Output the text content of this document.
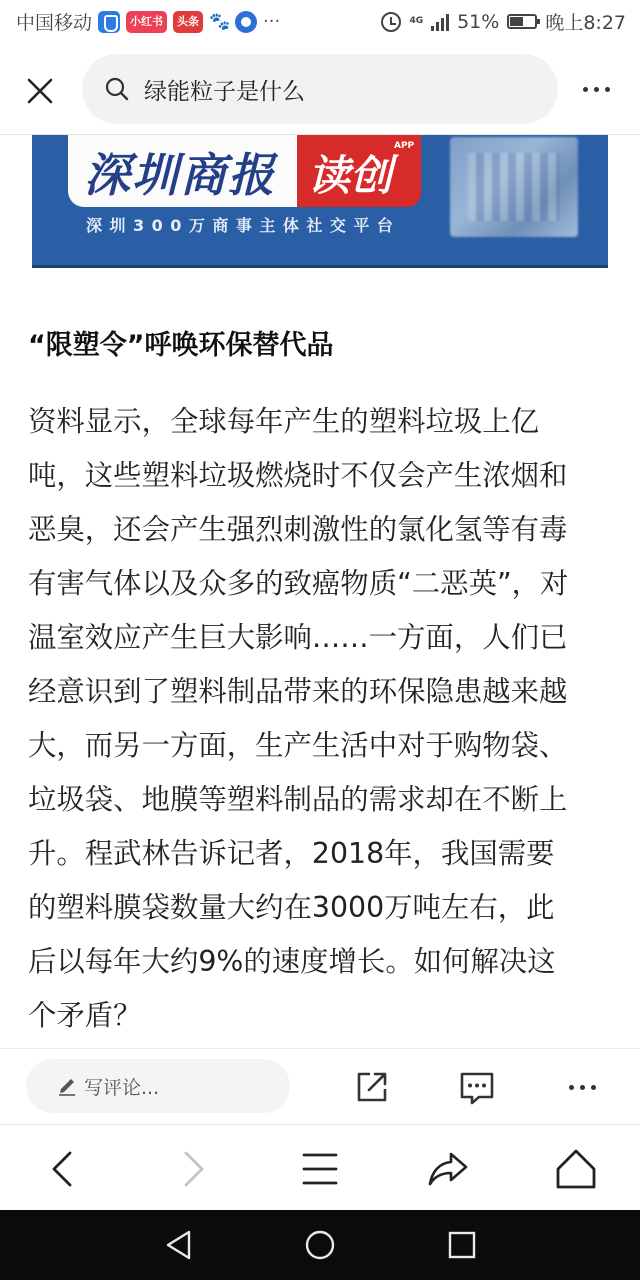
中国移动	小红书	头条 🐾 ···	4G 51% 晚上8:27
绿能粒子是什么
深圳商报 读创
APP
深圳300万商事主体社交平台
“限塑令”呼唤环保替代品
资料显示，全球每年产生的塑料垃圾上亿
吨，这些塑料垃圾燃烧时不仅会产生浓烟和
恶臭，还会产生强烈刺激性的氯化氢等有毒
有害气体以及众多的致癌物质“二恶英”，对
温室效应产生巨大影响……一方面，人们已
经意识到了塑料制品带来的环保隐患越来越
大，而另一方面，生产生活中对于购物袋、
垃圾袋、地膜等塑料制品的需求却在不断上
升。程武林告诉记者，2018年，我国需要
的塑料膜袋数量大约在3000万吨左右，此
后以每年大约9%的速度增长。如何解决这
个矛盾？
写评论...
